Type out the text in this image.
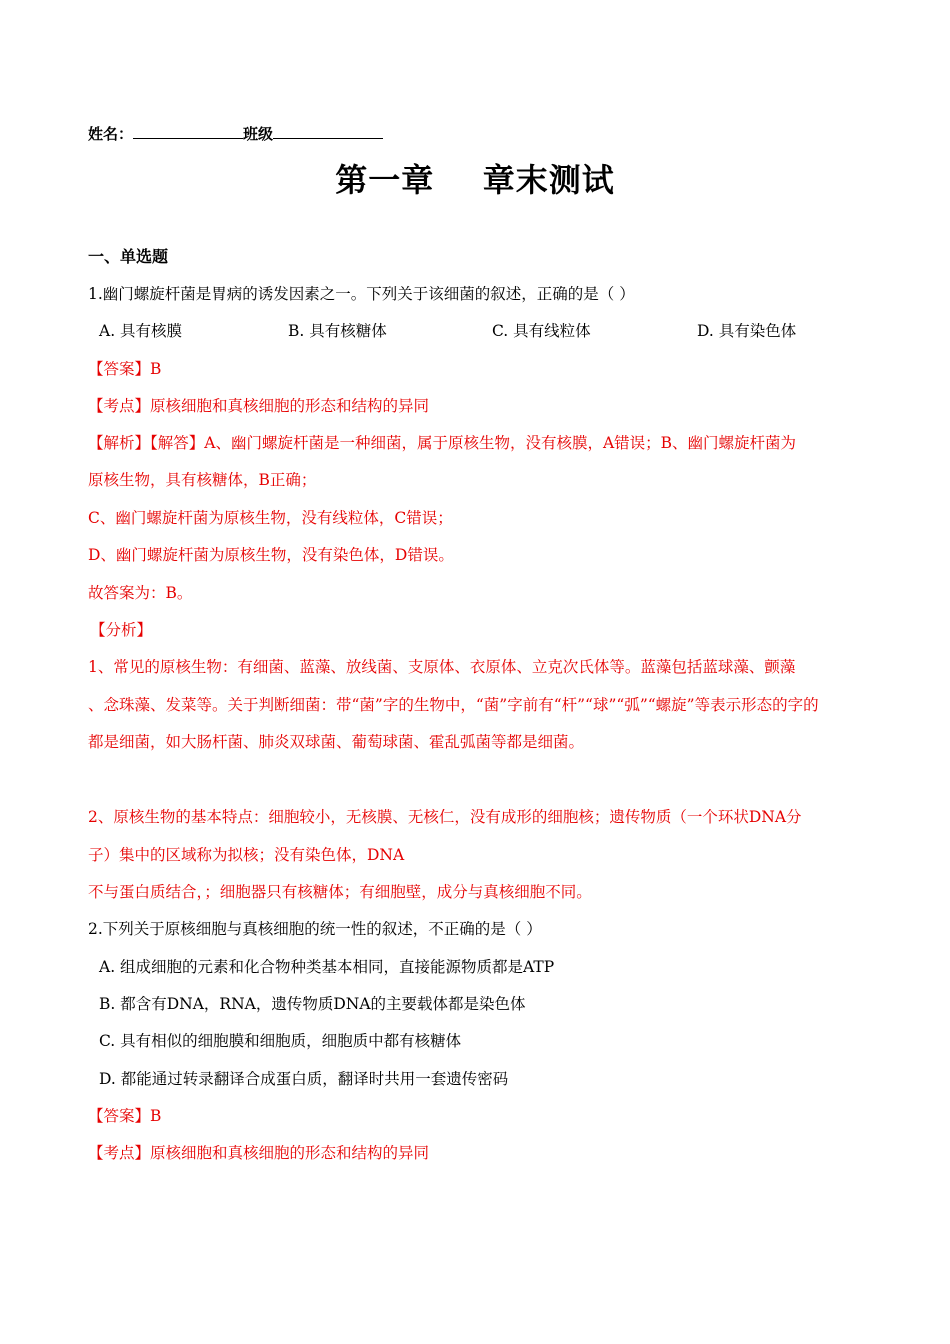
姓名：	班级
第一章    章末测试
一、单选题
1.幽门螺旋杆菌是胃病的诱发因素之一。下列关于该细菌的叙述，正确的是（ ）
A. 具有核膜	B. 具有核糖体	C. 具有线粒体	D. 具有染色体
【答案】B
【考点】原核细胞和真核细胞的形态和结构的异同
【解析】【解答】A、幽门螺旋杆菌是一种细菌，属于原核生物，没有核膜，A错误；B、幽门螺旋杆菌为
原核生物，具有核糖体，B正确；
C、幽门螺旋杆菌为原核生物，没有线粒体，C错误；
D、幽门螺旋杆菌为原核生物，没有染色体，D错误。
故答案为：B。
【分析】
1、常见的原核生物：有细菌、蓝藻、放线菌、支原体、衣原体、立克次氏体等。蓝藻包括蓝球藻、颤藻
、念珠藻、发菜等。关于判断细菌：带“菌”字的生物中，“菌”字前有“杆”“球”“弧”“螺旋”等表示形态的字的
都是细菌，如大肠杆菌、肺炎双球菌、葡萄球菌、霍乱弧菌等都是细菌。
2、原核生物的基本特点：细胞较小，无核膜、无核仁，没有成形的细胞核；遗传物质（一个环状DNA分
子）集中的区域称为拟核；没有染色体，DNA
不与蛋白质结合，；细胞器只有核糖体；有细胞壁，成分与真核细胞不同。
2.下列关于原核细胞与真核细胞的统一性的叙述，不正确的是（ ）
A. 组成细胞的元素和化合物种类基本相同，直接能源物质都是ATP
B. 都含有DNA，RNA，遗传物质DNA的主要载体都是染色体
C. 具有相似的细胞膜和细胞质，细胞质中都有核糖体
D. 都能通过转录翻译合成蛋白质，翻译时共用一套遗传密码
【答案】B
【考点】原核细胞和真核细胞的形态和结构的异同
